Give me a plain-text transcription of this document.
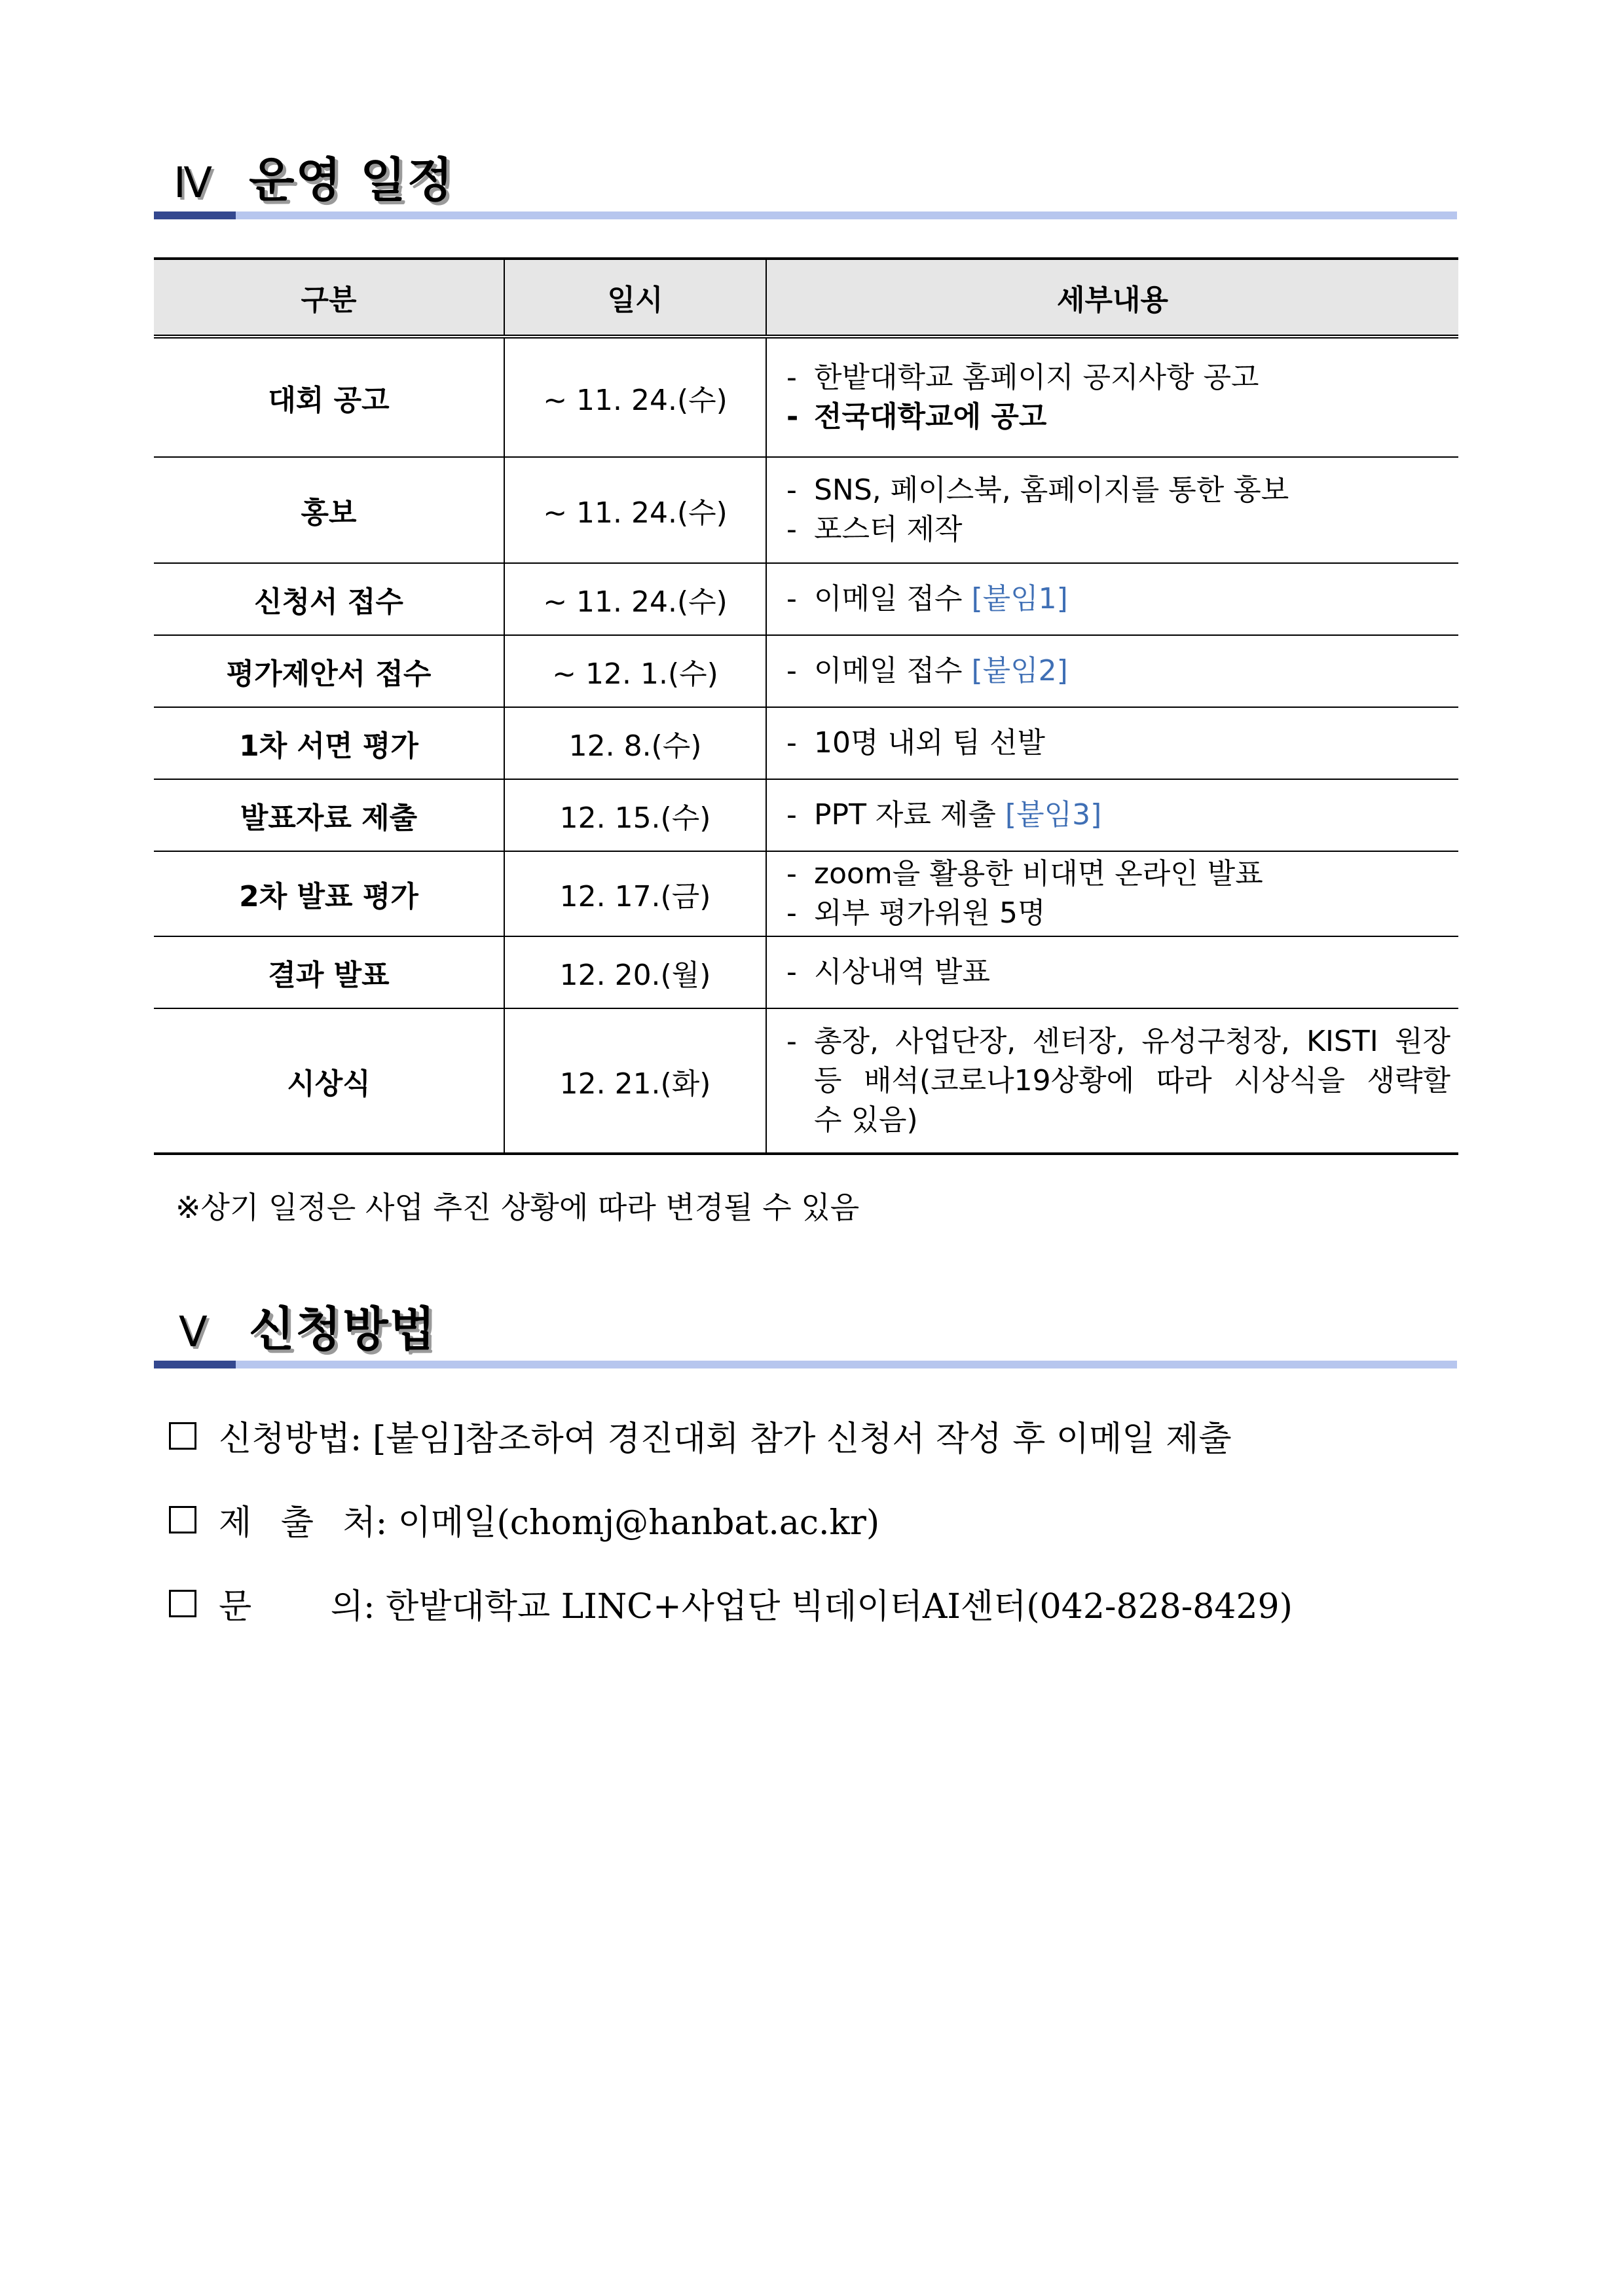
Ⅳ 운영 일정
구분	일시	세부내용
대회 공고	~ 11. 24.(수)	- 한밭대학교 홈페이지 공지사항 공고
- 전국대학교에 공고

홍보	~ 11. 24.(수)	- SNS, 페이스북, 홈페이지를 통한 홍보
- 포스터 제작

신청서 접수	~ 11. 24.(수)	- 이메일 접수 [붙임1]

평가제안서 접수	~ 12. 1.(수)	- 이메일 접수 [붙임2]

1차 서면 평가	12. 8.(수)	- 10명 내외 팀 선발

발표자료 제출	12. 15.(수)	- PPT 자료 제출 [붙임3]

2차 발표 평가	12. 17.(금)	- zoom을 활용한 비대면 온라인 발표
- 외부 평가위원 5명

결과 발표	12. 20.(월)	- 시상내역 발표

시상식	12. 21.(화)	- 총장, 사업단장, 센터장, 유성구청장, KISTI 원장
등 배석(코로나19상황에 따라 시상식을 생략할
수 있음)
※상기 일정은 사업 추진 상황에 따라 변경될 수 있음
Ⅴ 신청방법
신청방법: [붙임]참조하여 경진대회 참가 신청서 작성 후 이메일 제출
제 출 처: 이메일(chomj@hanbat.ac.kr)
문 의: 한밭대학교 LINC+사업단 빅데이터AI센터(042-828-8429)
